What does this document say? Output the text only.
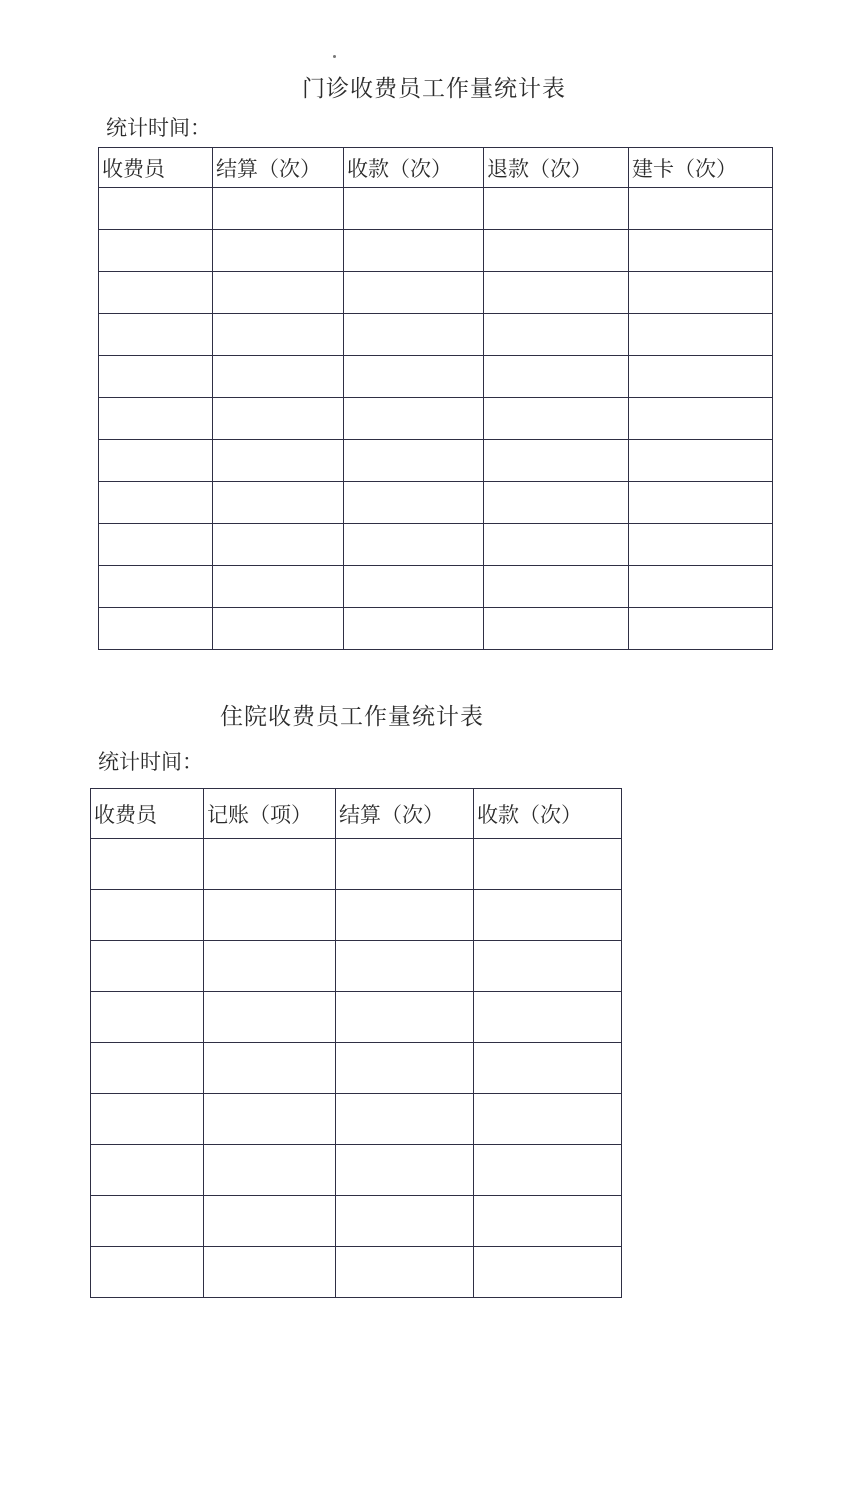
门诊收费员工作量统计表
统计时间：
收费员	结算（次）	收款（次）	退款（次）	建卡（次）

住院收费员工作量统计表
统计时间：
收费员	记账（项）	结算（次）	收款（次）
